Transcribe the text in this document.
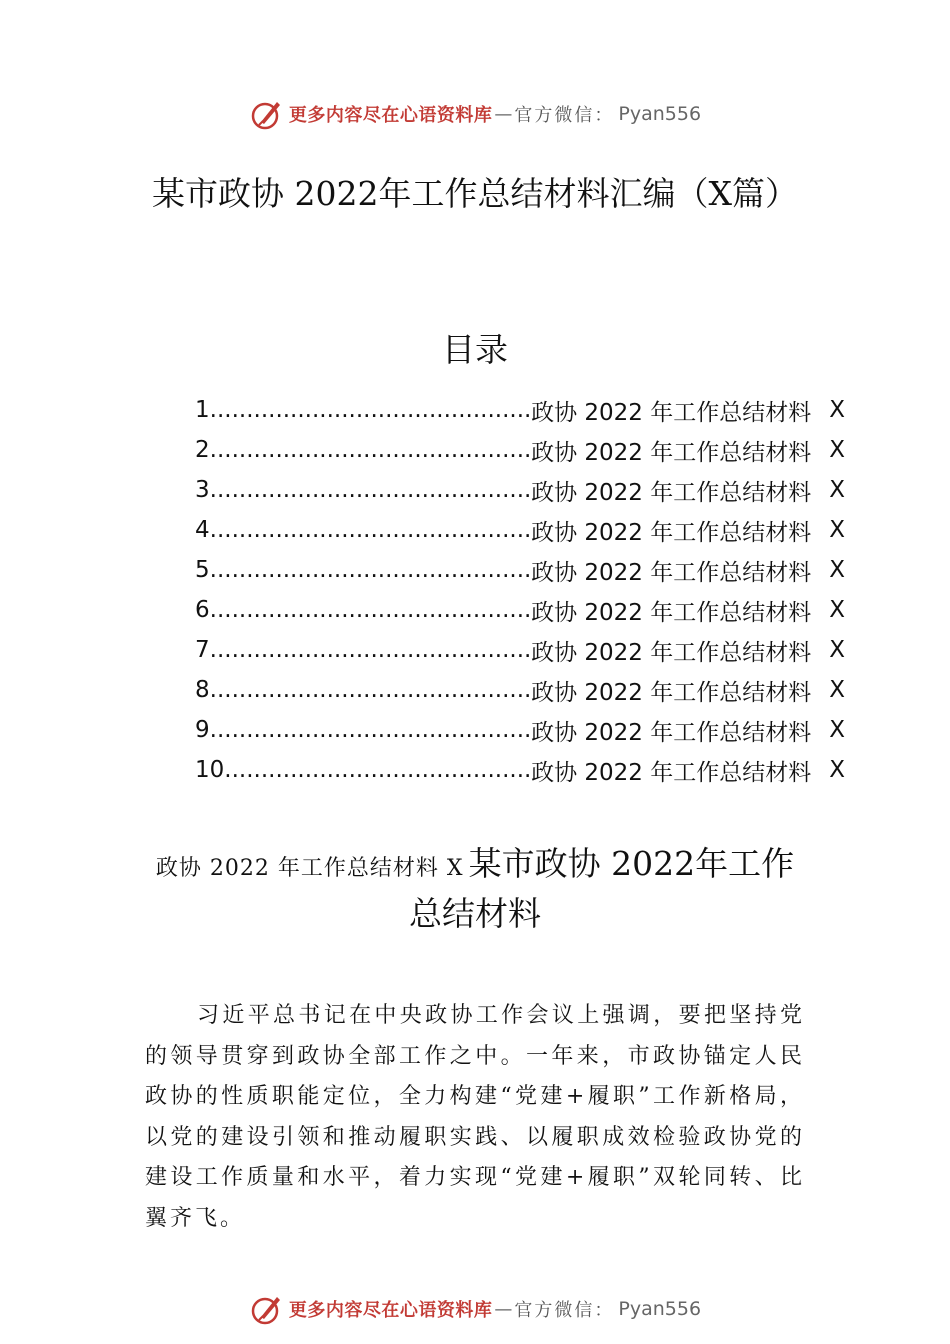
更多内容尽在心语资料库 — 官方微信： Pyan556
某市政协 2022年工作总结材料汇编（X篇）
目录
1 .....	政协 2022 年工作总结材料 X
2 .....	政协 2022 年工作总结材料 X
3 .....	政协 2022 年工作总结材料 X
4 .....	政协 2022 年工作总结材料 X
5 .....	政协 2022 年工作总结材料 X
6 .....	政协 2022 年工作总结材料 X
7 .....	政协 2022 年工作总结材料 X
8 .....	政协 2022 年工作总结材料 X
9 .....	政协 2022 年工作总结材料 X
10 .....	政协 2022 年工作总结材料 X
政协 2022 年工作总结材料 X 某市政协 2022年工作总结材料

习近平总书记在中央政协工作会议上强调，要把坚持党的领导贯穿到政协全部工作之中。一年来，市政协锚定人民政协的性质职能定位，全力构建“党建+履职”工作新格局，以党的建设引领和推动履职实践、以履职成效检验政协党的建设工作质量和水平，着力实现“党建+履职”双轮同转、比翼齐飞。

更多内容尽在心语资料库 — 官方微信： Pyan556
